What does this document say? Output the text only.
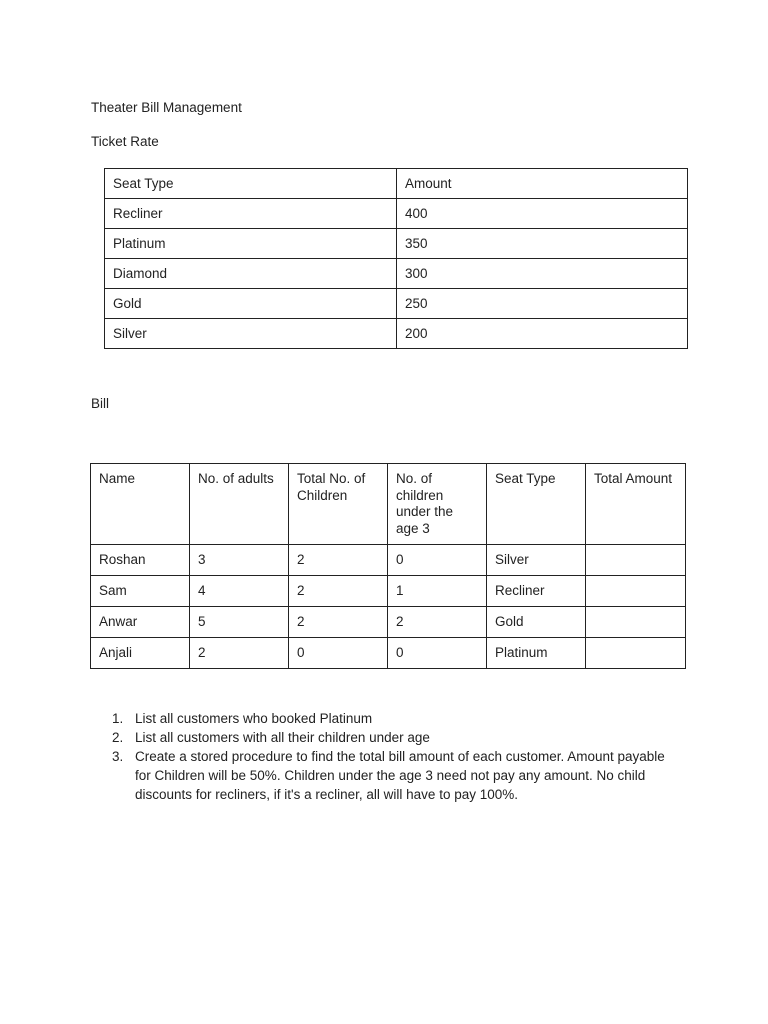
Theater Bill Management
Ticket Rate
Seat Type	Amount
Recliner	400
Platinum	350
Diamond	300
Gold	250
Silver	200
Bill
Name	No. of adults	Total No. of Children	No. of children under the age 3	Seat Type	Total Amount
Roshan	3	2	0	Silver	
Sam	4	2	1	Recliner	
Anwar	5	2	2	Gold	
Anjali	2	0	0	Platinum	
1. List all customers who booked Platinum
2. List all customers with all their children under age
3. Create a stored procedure to find the total bill amount of each customer. Amount payable for Children will be 50%. Children under the age 3 need not pay any amount. No child discounts for recliners, if it's a recliner, all will have to pay 100%.
